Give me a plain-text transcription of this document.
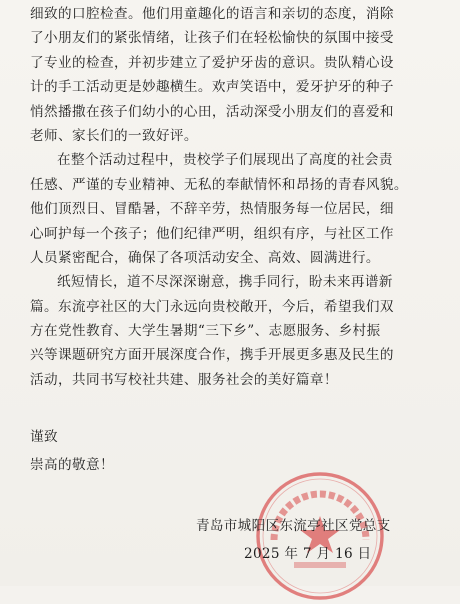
细致的口腔检查。他们用童趣化的语言和亲切的态度，消除
了小朋友们的紧张情绪，让孩子们在轻松愉快的氛围中接受
了专业的检查，并初步建立了爱护牙齿的意识。贵队精心设
计的手工活动更是妙趣横生。欢声笑语中，爱牙护牙的种子
悄然播撒在孩子们幼小的心田，活动深受小朋友们的喜爱和
老师、家长们的一致好评。
在整个活动过程中，贵校学子们展现出了高度的社会责
任感、严谨的专业精神、无私的奉献情怀和昂扬的青春风貌。
他们顶烈日、冒酷暑，不辞辛劳，热情服务每一位居民，细
心呵护每一个孩子；他们纪律严明，组织有序，与社区工作
人员紧密配合，确保了各项活动安全、高效、圆满进行。
纸短情长，道不尽深深谢意，携手同行，盼未来再谱新
篇。东流亭社区的大门永远向贵校敞开，今后，希望我们双
方在党性教育、大学生暑期“三下乡”、志愿服务、乡村振
兴等课题研究方面开展深度合作，携手开展更多惠及民生的
活动，共同书写校社共建、服务社会的美好篇章！
谨致
崇高的敬意！
青岛市城阳区东流亭社区党总支
2025 年 7 月 16 日
